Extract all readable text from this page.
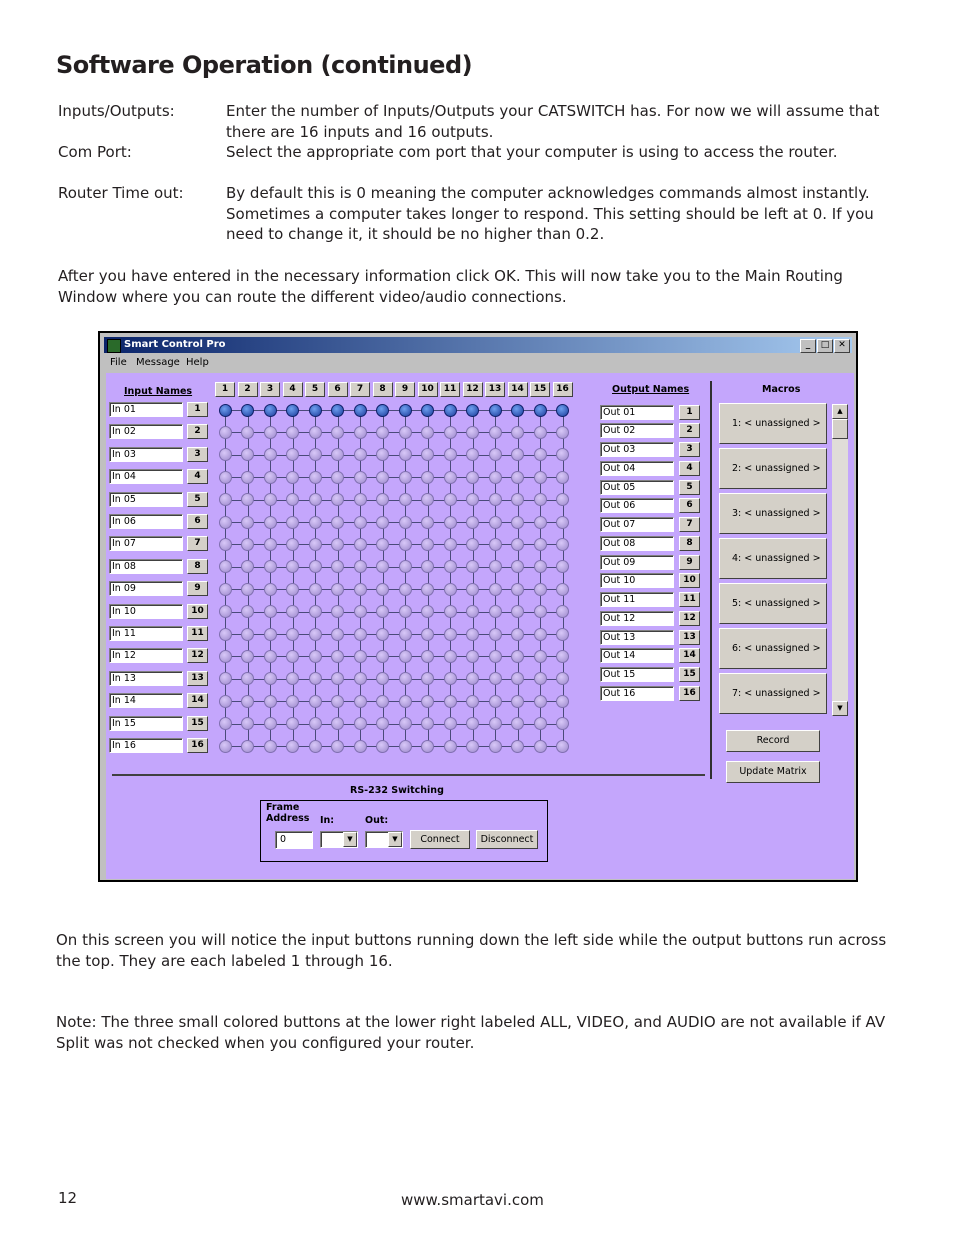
Software Operation (continued)
Inputs/Outputs:	Enter the number of Inputs/Outputs your CATSWITCH has. For now we will assume that there are 16 inputs and 16 outputs.
Com Port:	Select the appropriate com port that your computer is using to access the router.
Router Time out:	By default this is 0 meaning the computer acknowledges commands almost instantly. Sometimes a computer takes longer to respond. This setting should be left at 0. If you need to change it, it should be no higher than 0.2.
After you have entered in the necessary information click OK. This will now take you to the Main Routing Window where you can route the different video/audio connections.
Smart Control Pro	_	□ ✕
File Message Help
Input Names	Output Names	Macros
▲
▼
Record
Update Matrix
RS-232 Switching
Frame Address	In:	Out:
0	▼	▼	Connect	Disconnect
1	2	3	4	5	6	7	8	9	10	11	12	13	14	15	16
In 01	1
In 02	2
In 03	3
In 04	4
In 05	5
In 06	6
In 07	7
In 08	8
In 09	9
In 10	10
In 11	11
In 12	12
In 13	13
In 14	14
In 15	15
In 16	16
Out 01	1
Out 02	2
Out 03	3
Out 04	4
Out 05	5
Out 06	6
Out 07	7
Out 08	8
Out 09	9
Out 10	10
Out 11	11
Out 12	12
Out 13	13
Out 14	14
Out 15	15
Out 16	16
1: < unassigned >
2: < unassigned >
3: < unassigned >
4: < unassigned >
5: < unassigned >
6: < unassigned >
7: < unassigned >
On this screen you will notice the input buttons running down the left side while the output buttons run across the top. They are each labeled 1 through 16.
Note: The three small colored buttons at the lower right labeled ALL, VIDEO, and AUDIO are not available if AV Split was not checked when you configured your router.
12	www.smartavi.com
